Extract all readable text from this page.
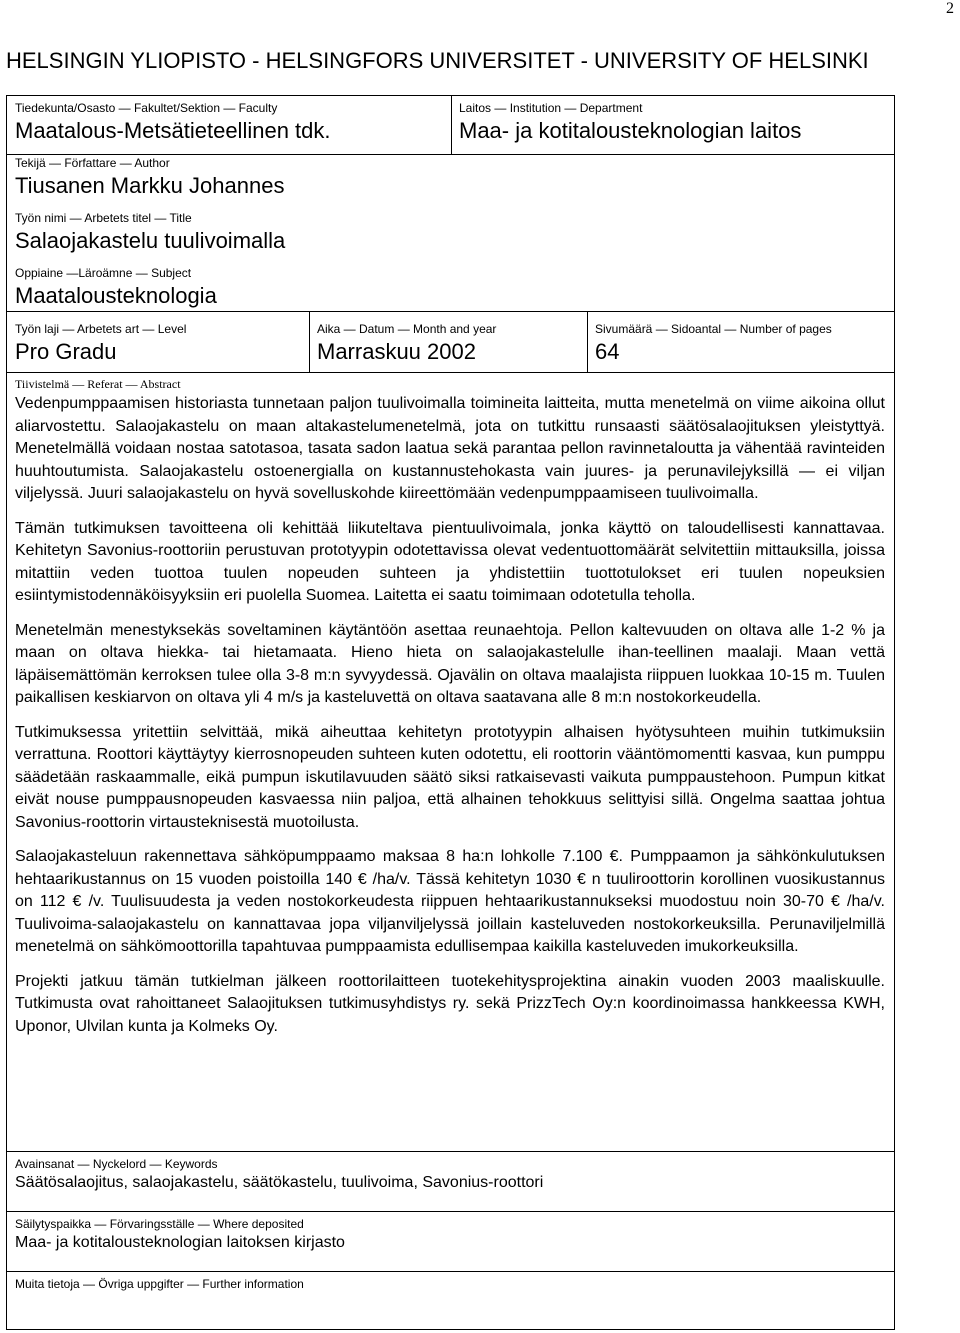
2
HELSINGIN YLIOPISTO - HELSINGFORS UNIVERSITET - UNIVERSITY OF HELSINKI
Tiedekunta/Osasto — Fakultet/Sektion — Faculty
Maatalous-Metsätieteellinen tdk.
Laitos — Institution — Department
Maa- ja kotitalousteknologian laitos
Tekijä — Författare — Author
Tiusanen Markku Johannes
Työn nimi — Arbetets titel — Title
Salaojakastelu tuulivoimalla
Oppiaine —Läroämne — Subject
Maatalousteknologia
Työn laji — Arbetets art — Level
Pro Gradu
Aika — Datum — Month and year
Marraskuu 2002
Sivumäärä — Sidoantal — Number of pages
64
Tiivistelmä — Referat — Abstract

Vedenpumppaamisen historiasta tunnetaan paljon tuulivoimalla toimineita laitteita, mutta menetelmä on viime aikoina ollut aliarvostettu. Salaojakastelu on maan altakastelumenetelmä, jota on tutkittu runsaasti säätösalaojituksen yleistyttyä. Menetelmällä voidaan nostaa satotasoa, tasata sadon laatua sekä parantaa pellon ravinnetaloutta ja vähentää ravinteiden huuhtoutumista. Salaojakastelu ostoenergialla on kustannustehokasta vain juures- ja perunavilejyksillä — ei viljan viljelyssä. Juuri salaojakastelu on hyvä sovelluskohde kiireettömään vedenpumppaamiseen tuulivoimalla.

Tämän tutkimuksen tavoitteena oli kehittää liikuteltava pientuulivoimala, jonka käyttö on taloudellisesti kannattavaa. Kehitetyn Savonius-roottoriin perustuvan prototyypin odotettavissa olevat vedentuottomäärät selvitettiin mittauksilla, joissa mitattiin veden tuottoa tuulen nopeuden suhteen ja yhdistettiin tuottotulokset eri tuulen nopeuksien esiintymistodennäköisyyksiin eri puolella Suomea. Laitetta ei saatu toimimaan odotetulla teholla.

Menetelmän menestyksekäs soveltaminen käytäntöön asettaa reunaehtoja. Pellon kaltevuuden on oltava alle 1-2 % ja maan on oltava hiekka- tai hietamaata. Hieno hieta on salaojakastelulle ihan-teellinen maalaji. Maan vettä läpäisemättömän kerroksen tulee olla 3-8 m:n syvyydessä. Ojavälin on oltava maalajista riippuen luokkaa 10-15 m. Tuulen paikallisen keskiarvon on oltava yli 4 m/s ja kasteluvettä on oltava saatavana alle 8 m:n nostokorkeudella.

Tutkimuksessa yritettiin selvittää, mikä aiheuttaa kehitetyn prototyypin alhaisen hyötysuhteen muihin tutkimuksiin verrattuna. Roottori käyttäytyy kierrosnopeuden suhteen kuten odotettu, eli roottorin vääntömomentti kasvaa, kun pumppu säädetään raskaammalle, eikä pumpun iskutilavuuden säätö siksi ratkaisevasti vaikuta pumppaustehoon. Pumpun kitkat eivät nouse pumppausnopeuden kasvaessa niin paljoa, että alhainen tehokkuus selittyisi sillä. Ongelma saattaa johtua Savonius-roottorin virtausteknisestä muotoilusta.

Salaojakasteluun rakennettava sähköpumppaamo maksaa 8 ha:n lohkolle 7.100 €. Pumppaamon ja sähkönkulutuksen hehtaarikustannus on 15 vuoden poistoilla 140 € /ha/v. Tässä kehitetyn 1030 € n tuuliroottorin korollinen vuosikustannus on 112 € /v. Tuulisuudesta ja veden nostokorkeudesta riippuen hehtaarikustannukseksi muodostuu noin 30-70 € /ha/v. Tuulivoima-salaojakastelu on kannattavaa jopa viljanviljelyssä joillain kasteluveden nostokorkeuksilla. Perunaviljelmillä menetelmä on sähkömoottorilla tapahtuvaa pumppaamista edullisempaa kaikilla kasteluveden imukorkeuksilla.

Projekti jatkuu tämän tutkielman jälkeen roottorilaitteen tuotekehitysprojektina ainakin vuoden 2003 maaliskuulle. Tutkimusta ovat rahoittaneet Salaojituksen tutkimusyhdistys ry. sekä PrizzTech Oy:n koordinoimassa hankkeessa KWH, Uponor, Ulvilan kunta ja Kolmeks Oy.

Avainsanat — Nyckelord — Keywords
Säätösalaojitus, salaojakastelu, säätökastelu, tuulivoima, Savonius-roottori
Säilytyspaikka — Förvaringsställe — Where deposited
Maa- ja kotitalousteknologian laitoksen kirjasto
Muita tietoja — Övriga uppgifter — Further information
